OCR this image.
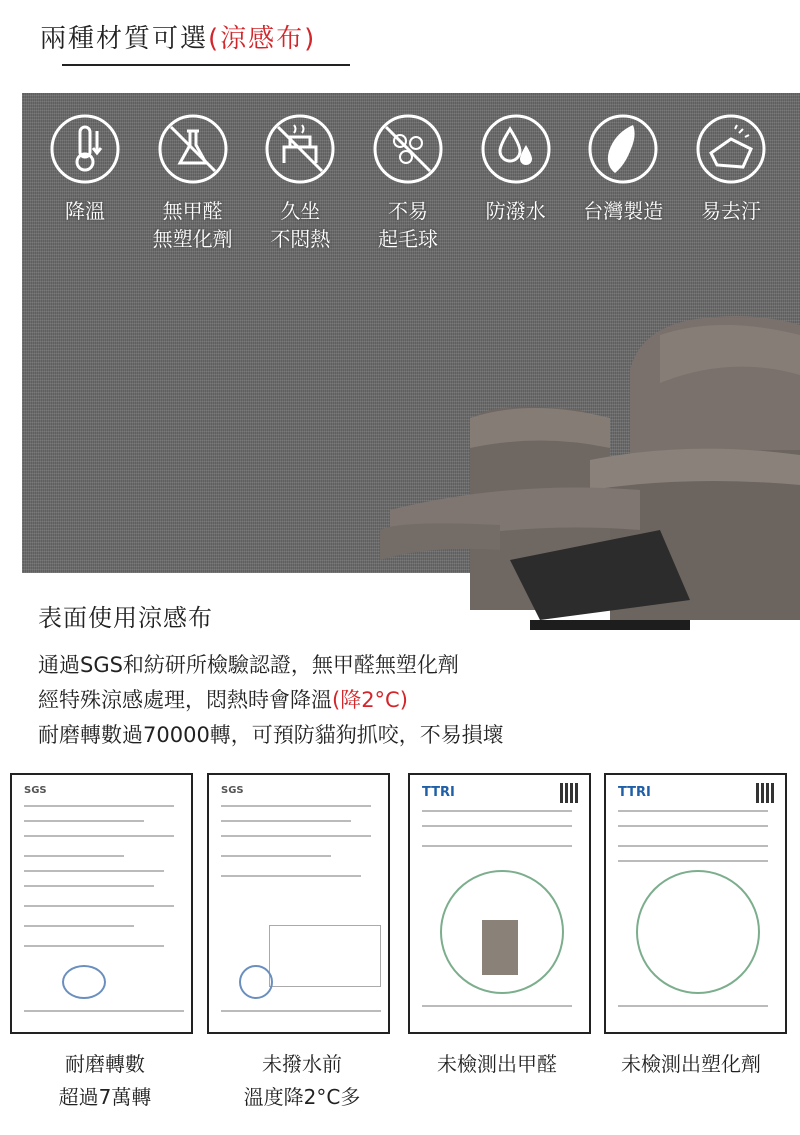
兩種材質可選(涼感布)
降溫	無甲醛
無塑化劑
久坐
不悶熱
不易
起毛球
防潑水 台灣製造 易去汙
表面使用涼感布
通過SGS和紡研所檢驗認證，無甲醛無塑化劑
經特殊涼感處理，悶熱時會降溫(降2°C)
耐磨轉數過70000轉，可預防貓狗抓咬，不易損壞
SGS	SGS	TTRI	TTRI
耐磨轉數
超過7萬轉
未撥水前
溫度降2°C多
未檢測出甲醛	未檢測出塑化劑
